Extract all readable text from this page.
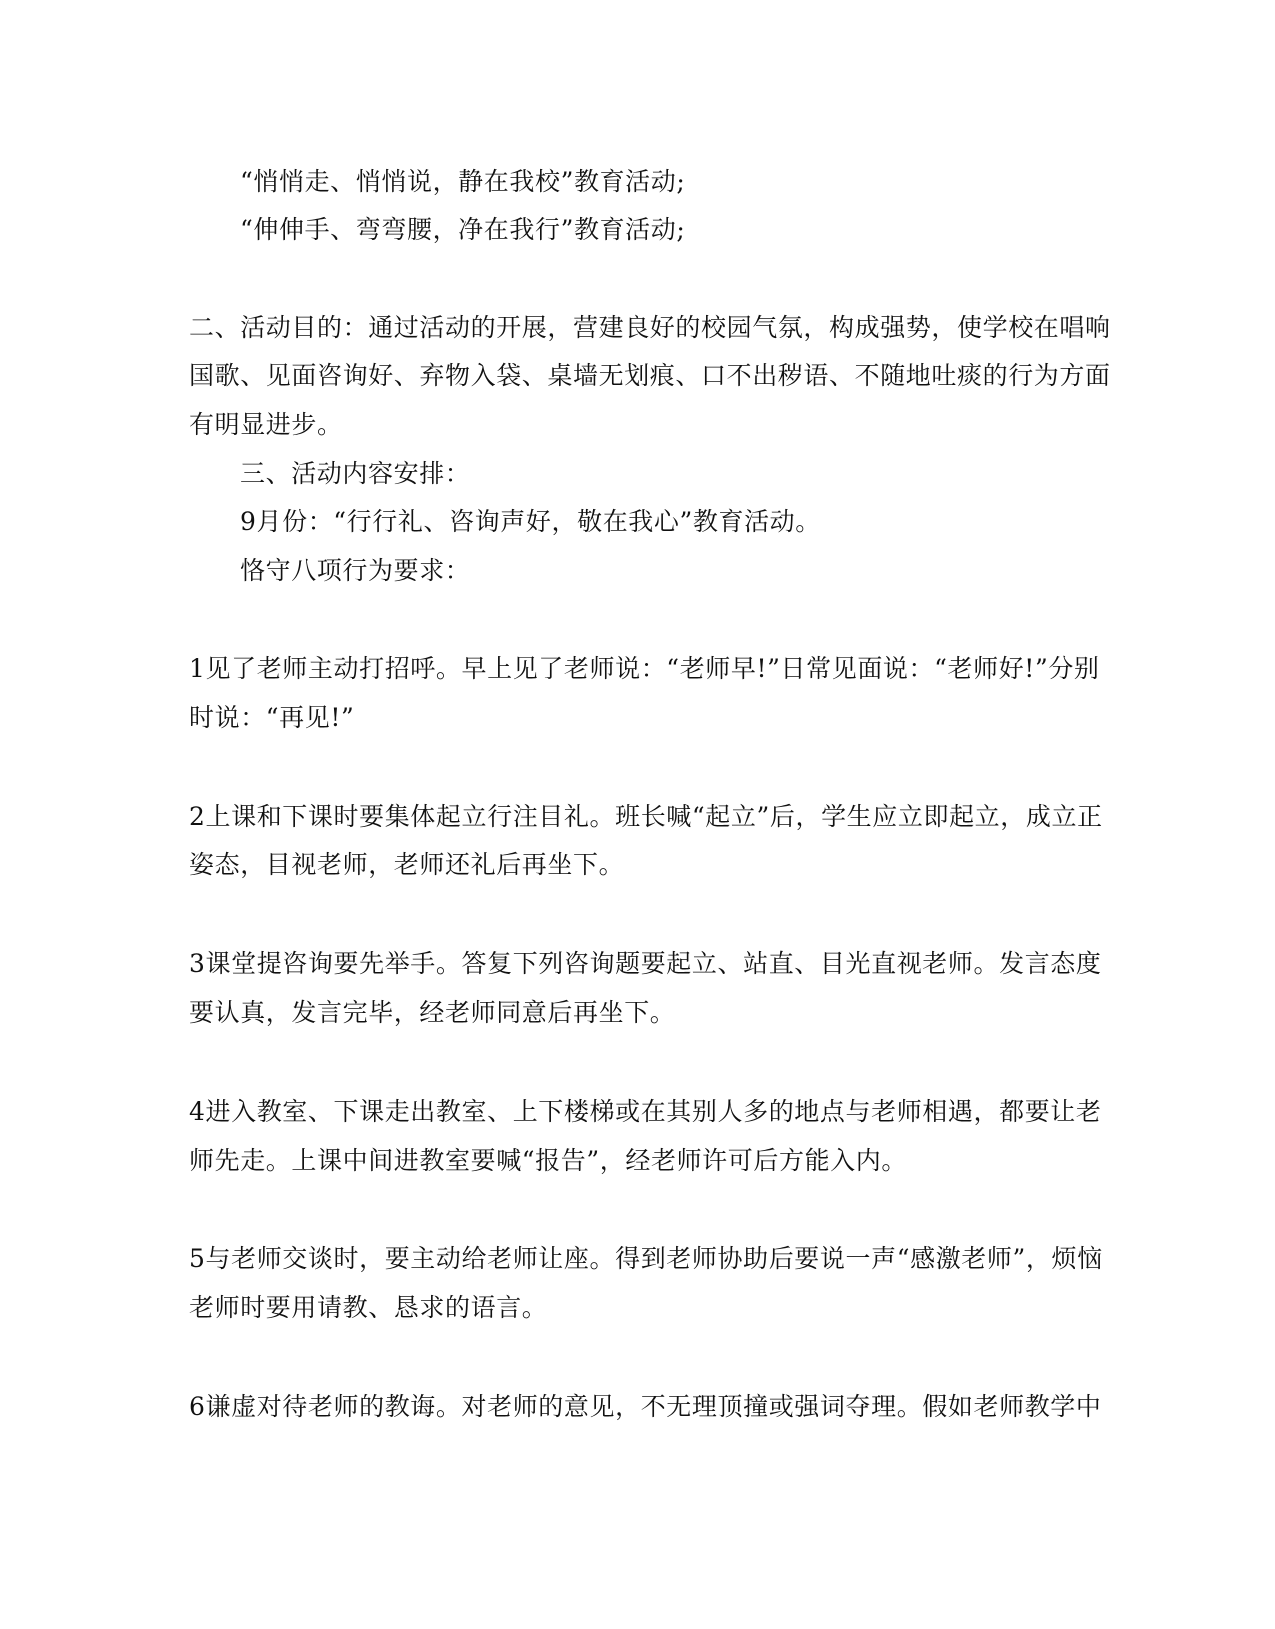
“悄悄走、悄悄说，静在我校”教育活动;
“伸伸手、弯弯腰，净在我行”教育活动;
二、活动目的：通过活动的开展，营建良好的校园气氛，构成强势，使学校在唱响
国歌、见面咨询好、弃物入袋、桌墙无划痕、口不出秽语、不随地吐痰的行为方面
有明显进步。
三、活动内容安排：
9月份：“行行礼、咨询声好，敬在我心”教育活动。
恪守八项行为要求：
1见了老师主动打招呼。早上见了老师说：“老师早!”日常见面说：“老师好!”分别
时说：“再见!”
2上课和下课时要集体起立行注目礼。班长喊“起立”后，学生应立即起立，成立正
姿态，目视老师，老师还礼后再坐下。
3课堂提咨询要先举手。答复下列咨询题要起立、站直、目光直视老师。发言态度
要认真，发言完毕，经老师同意后再坐下。
4进入教室、下课走出教室、上下楼梯或在其别人多的地点与老师相遇，都要让老
师先走。上课中间进教室要喊“报告”，经老师许可后方能入内。
5与老师交谈时，要主动给老师让座。得到老师协助后要说一声“感激老师”，烦恼
老师时要用请教、恳求的语言。
6谦虚对待老师的教诲。对老师的意见，不无理顶撞或强词夺理。假如老师教学中
